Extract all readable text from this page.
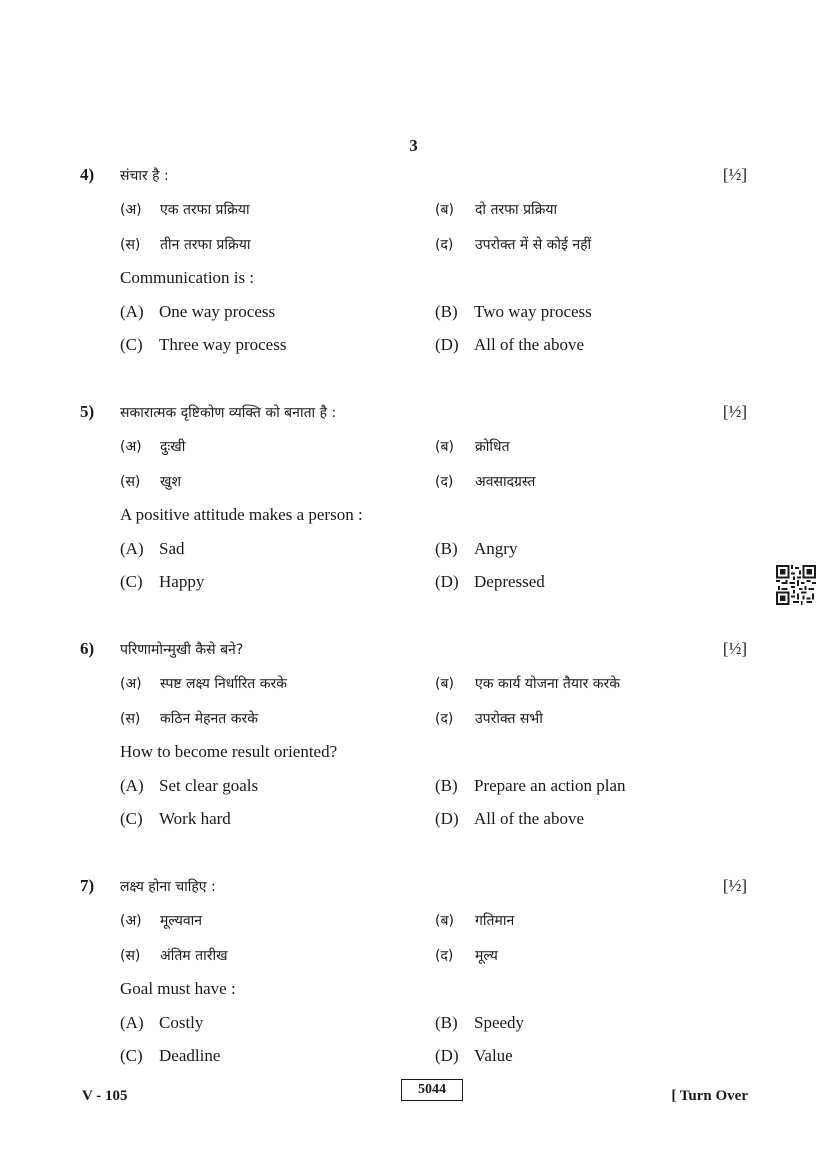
3
4) संचार है :	[½]
(अ)	एक तरफा प्रक्रिया	(ब)	दो तरफा प्रक्रिया
(स)	तीन तरफा प्रक्रिया	(द)	उपरोक्त में से कोई नहीं
Communication is :
(A) One way process	(B) Two way process
(C) Three way process	(D) All of the above
5) सकारात्मक दृष्टिकोण व्यक्ति को बनाता है :	[½]
(अ)	दुःखी	(ब)	क्रोधित
(स)	खुश	(द)	अवसादग्रस्त
A positive attitude makes a person :
(A) Sad	(B) Angry
(C) Happy	(D) Depressed
6) परिणामोन्मुखी कैसे बने?	[½]
(अ)	स्पष्ट लक्ष्य निर्धारित करके	(ब)	एक कार्य योजना तैयार करके
(स)	कठिन मेहनत करके	(द)	उपरोक्त सभी
How to become result oriented?
(A) Set clear goals	(B) Prepare an action plan
(C) Work hard	(D) All of the above
7) लक्ष्य होना चाहिए :	[½]
(अ)	मूल्यवान	(ब)	गतिमान
(स)	अंतिम तारीख	(द)	मूल्य
Goal must have :
(A) Costly	(B) Speedy
(C) Deadline	(D) Value
V - 105	5044	[ Turn Over
